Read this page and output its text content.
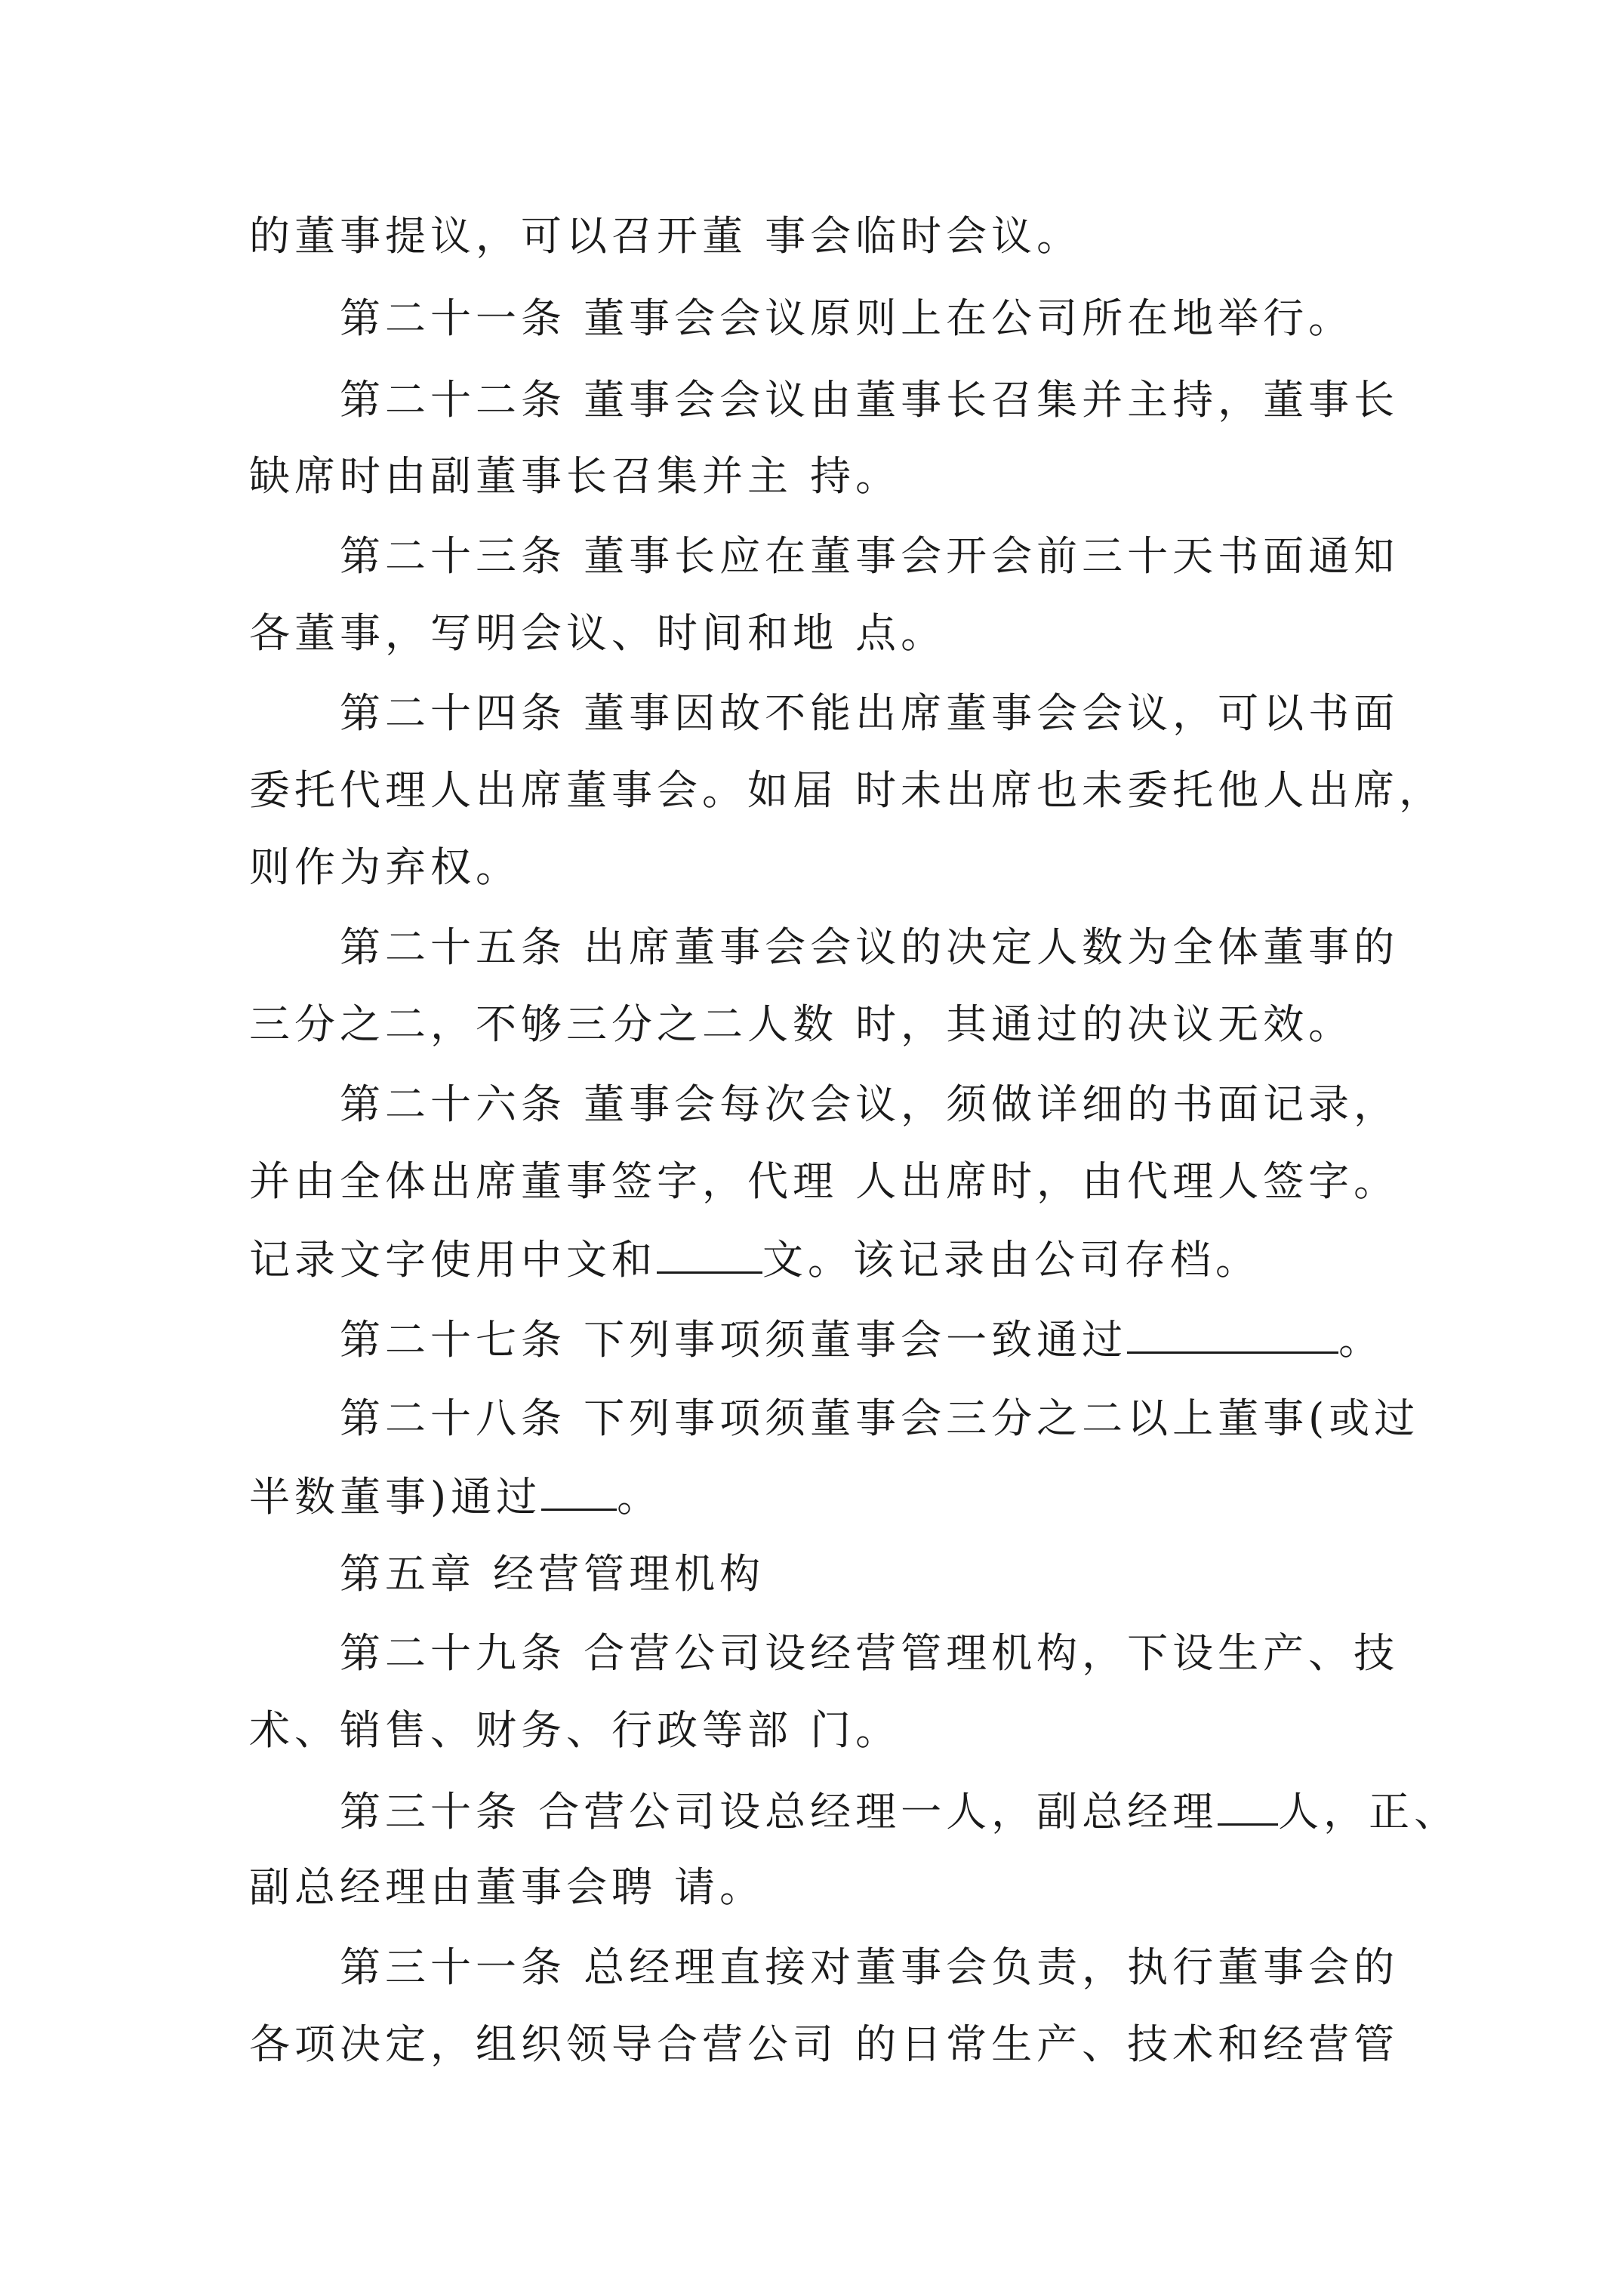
的董事提议，可以召开董 事会临时会议。
第二十一条 董事会会议原则上在公司所在地举行。
第二十二条 董事会会议由董事长召集并主持，董事长
缺席时由副董事长召集并主 持。
第二十三条 董事长应在董事会开会前三十天书面通知
各董事，写明会议、时间和地 点。
第二十四条 董事因故不能出席董事会会议，可以书面
委托代理人出席董事会。如届 时未出席也未委托他人出席，
则作为弃权。
第二十五条 出席董事会会议的决定人数为全体董事的
三分之二，不够三分之二人数 时，其通过的决议无效。
第二十六条 董事会每次会议，须做详细的书面记录，
并由全体出席董事签字，代理 人出席时，由代理人签字。
记录文字使用中文和	文。该记录由公司存档。
第二十七条 下列事项须董事会一致通过	。
第二十八条 下列事项须董事会三分之二以上董事(或过
半数董事)通过 。
第五章 经营管理机构
第二十九条 合营公司设经营管理机构，下设生产、技
术、销售、财务、行政等部 门。
第三十条 合营公司设总经理一人，副总经理 人，正、
副总经理由董事会聘 请。
第三十一条 总经理直接对董事会负责，执行董事会的
各项决定，组织领导合营公司 的日常生产、技术和经营管
